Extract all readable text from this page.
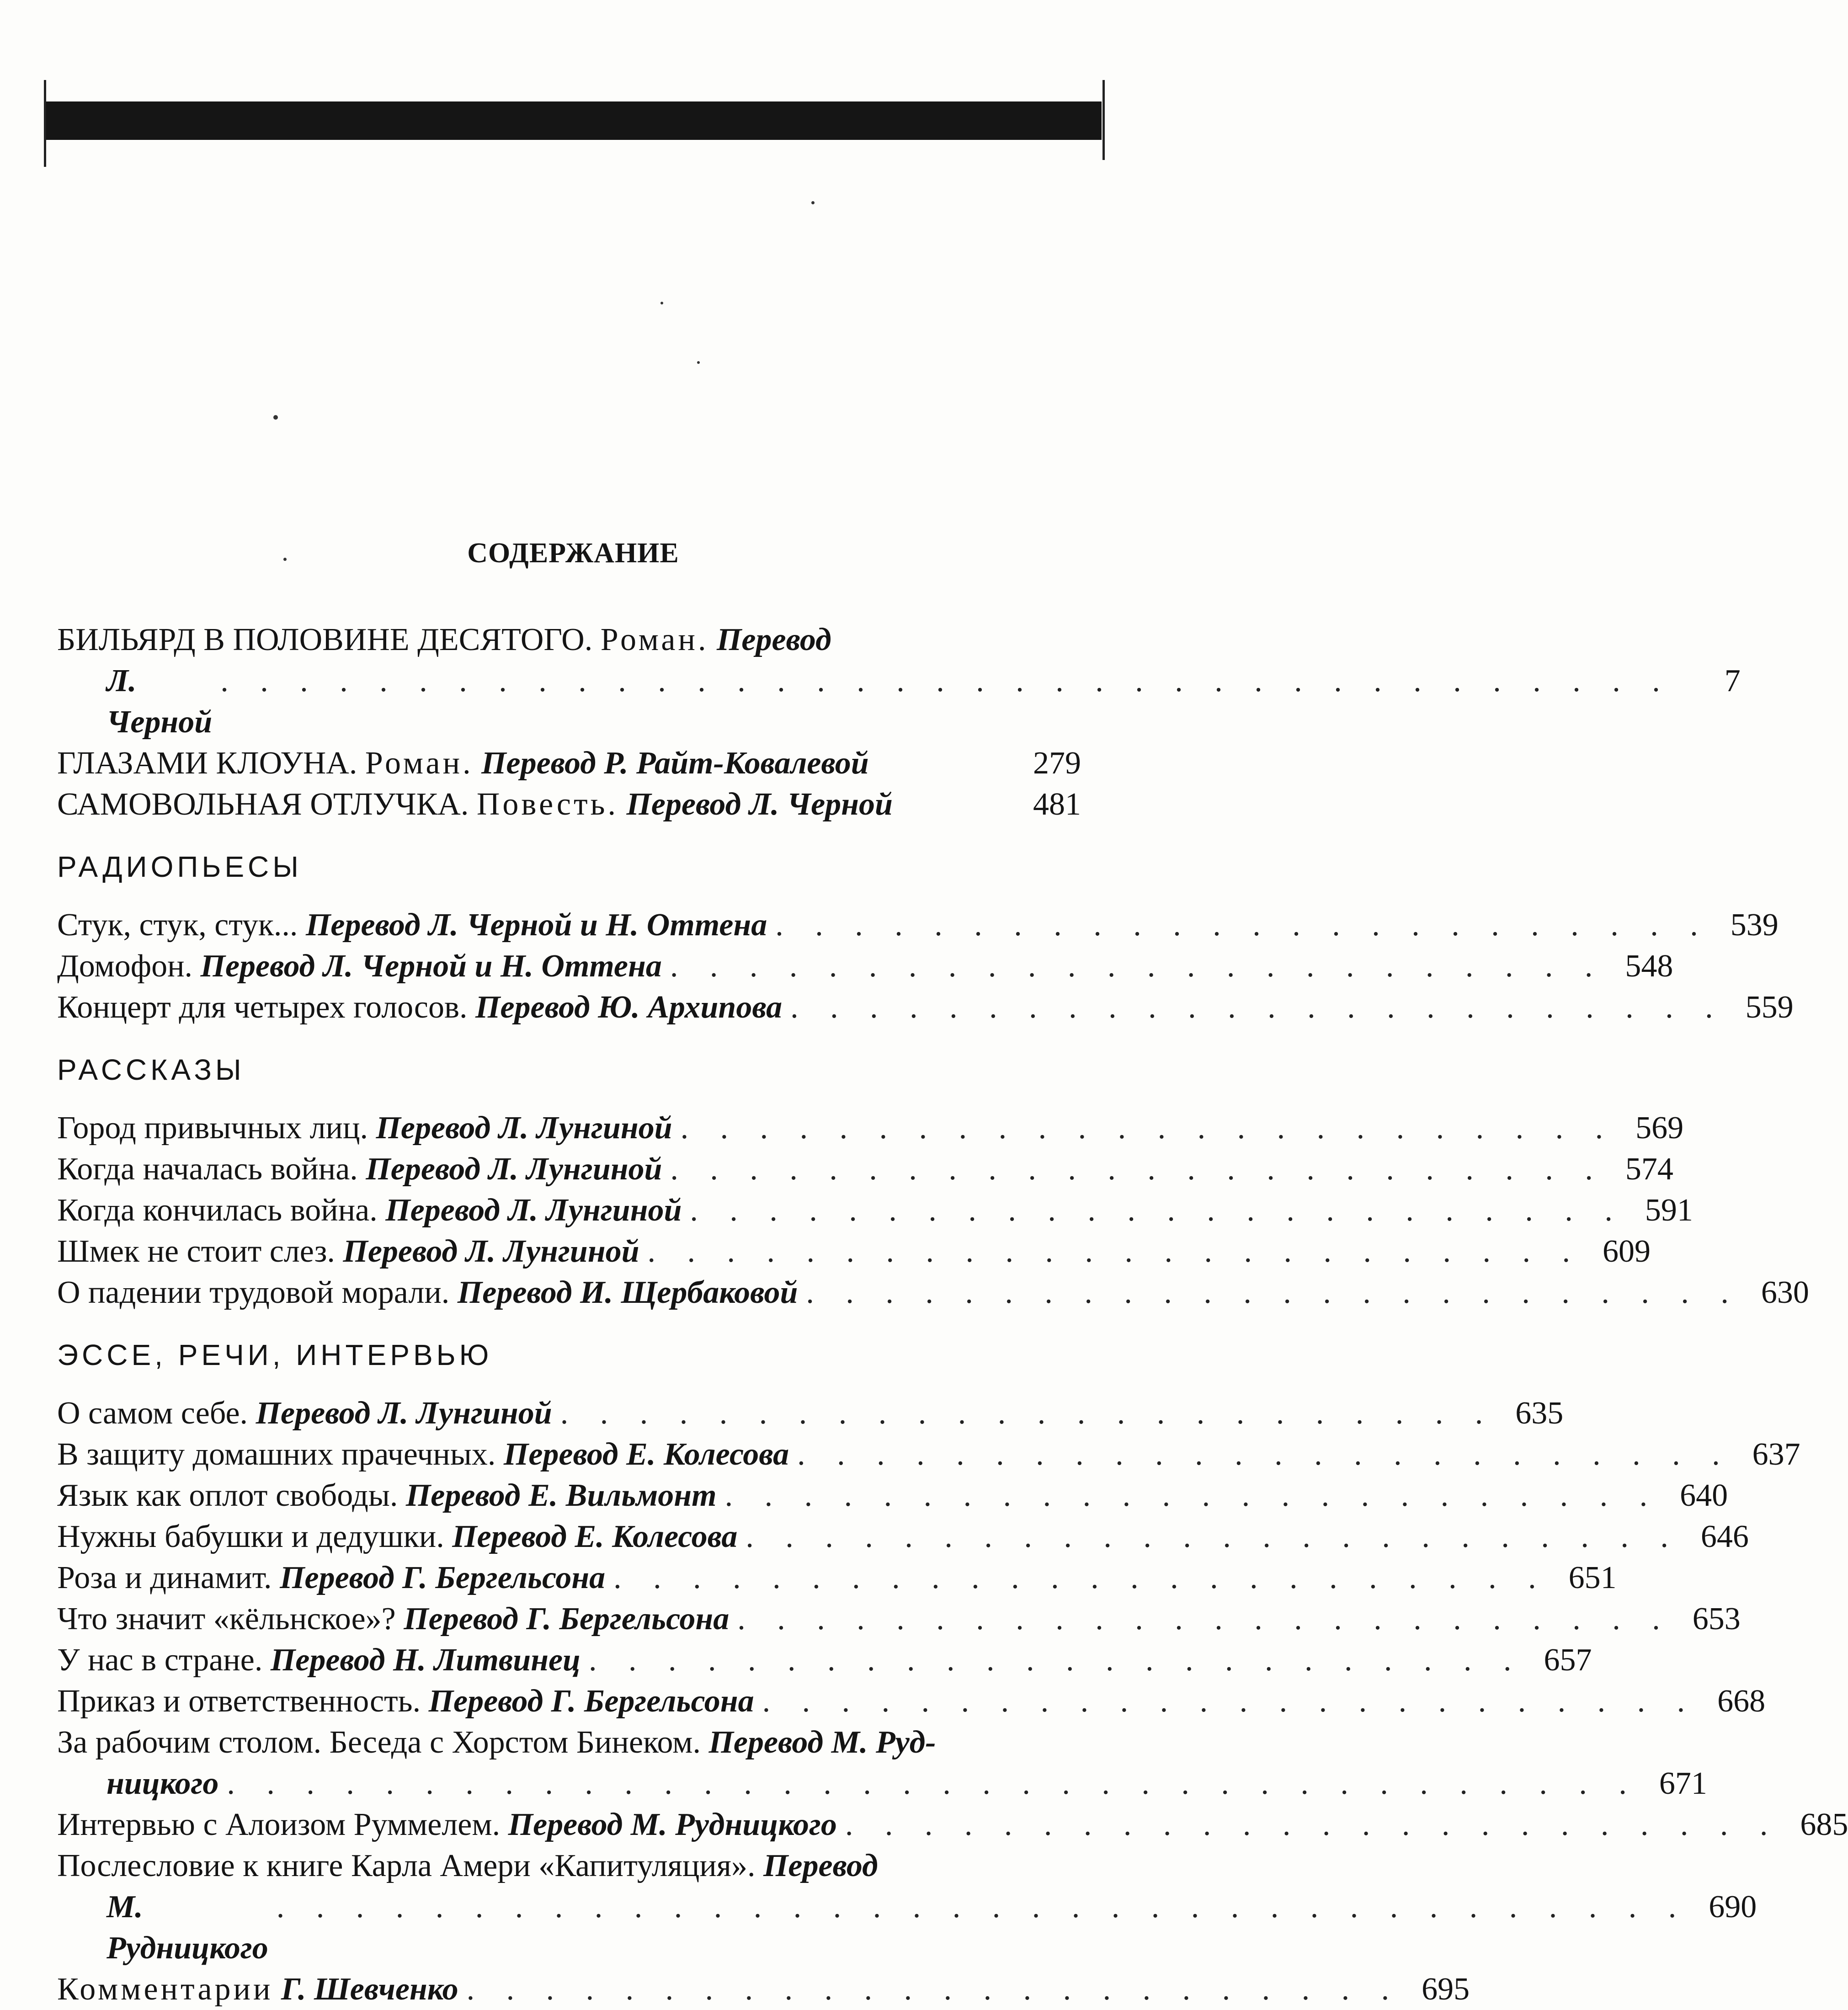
СОДЕРЖАНИЕ
БИЛЬЯРД В ПОЛОВИНЕ ДЕСЯТОГО. Роман. Перевод
Л. Черной
. . . . . . . . . . . . . . . . . . . . . . . . . . . . . . . . . . . . .	7
ГЛАЗАМИ КЛОУНА. Роман. Перевод Р. Райт-Ковалевой	279
САМОВОЛЬНАЯ ОТЛУЧКА. Повесть. Перевод Л. Черной	481
РАДИОПЬЕСЫ
Стук, стук, стук... Перевод Л. Черной и Н. Оттена . . . . . . . . . . . . . . . . . . . . . . . . 539
Домофон. Перевод Л. Черной и Н. Оттена . . . . . . . . . . . . . . . . . . . . . . . . 548
Концерт для четырех голосов. Перевод Ю. Архипова . . . . . . . . . . . . . . . . . . . . . . . . 559
РАССКАЗЫ
Город привычных лиц. Перевод Л. Лунгиной . . . . . . . . . . . . . . . . . . . . . . . . 569
Когда началась война. Перевод Л. Лунгиной . . . . . . . . . . . . . . . . . . . . . . . . 574
Когда кончилась война. Перевод Л. Лунгиной . . . . . . . . . . . . . . . . . . . . . . . . 591
Шмек не стоит слез. Перевод Л. Лунгиной . . . . . . . . . . . . . . . . . . . . . . . . 609
О падении трудовой морали. Перевод И. Щербаковой . . . . . . . . . . . . . . . . . . . . . . . . 630
ЭССЕ, РЕЧИ, ИНТЕРВЬЮ
О самом себе. Перевод Л. Лунгиной . . . . . . . . . . . . . . . . . . . . . . . . 635
В защиту домашних прачечных. Перевод Е. Колесова . . . . . . . . . . . . . . . . . . . . . . . . 637
Язык как оплот свободы. Перевод Е. Вильмонт . . . . . . . . . . . . . . . . . . . . . . . . 640
Нужны бабушки и дедушки. Перевод Е. Колесова . . . . . . . . . . . . . . . . . . . . . . . . 646
Роза и динамит. Перевод Г. Бергельсона . . . . . . . . . . . . . . . . . . . . . . . . 651
Что значит «кёльнское»? Перевод Г. Бергельсона . . . . . . . . . . . . . . . . . . . . . . . . 653
У нас в стране. Перевод Н. Литвинец . . . . . . . . . . . . . . . . . . . . . . . . 657
Приказ и ответственность. Перевод Г. Бергельсона . . . . . . . . . . . . . . . . . . . . . . . . 668
За рабочим столом. Беседа с Хорстом Бинеком. Перевод М. Руд-
ницкого . . . . . . . . . . . . . . . . . . . . . . . . . . . . . . . . . . . . 671
Интервью с Алоизом Руммелем. Перевод М. Рудницкого . . . . . . . . . . . . . . . . . . . . . . . . 685
Послесловие к книге Карла Амери «Капитуляция». Перевод
М. Рудницкого
. . . . . . . . . . . . . . . . . . . . . . . . . . . . . . . . . . . . 690
Комментарии Г. Шевченко . . . . . . . . . . . . . . . . . . . . . . . . 695
